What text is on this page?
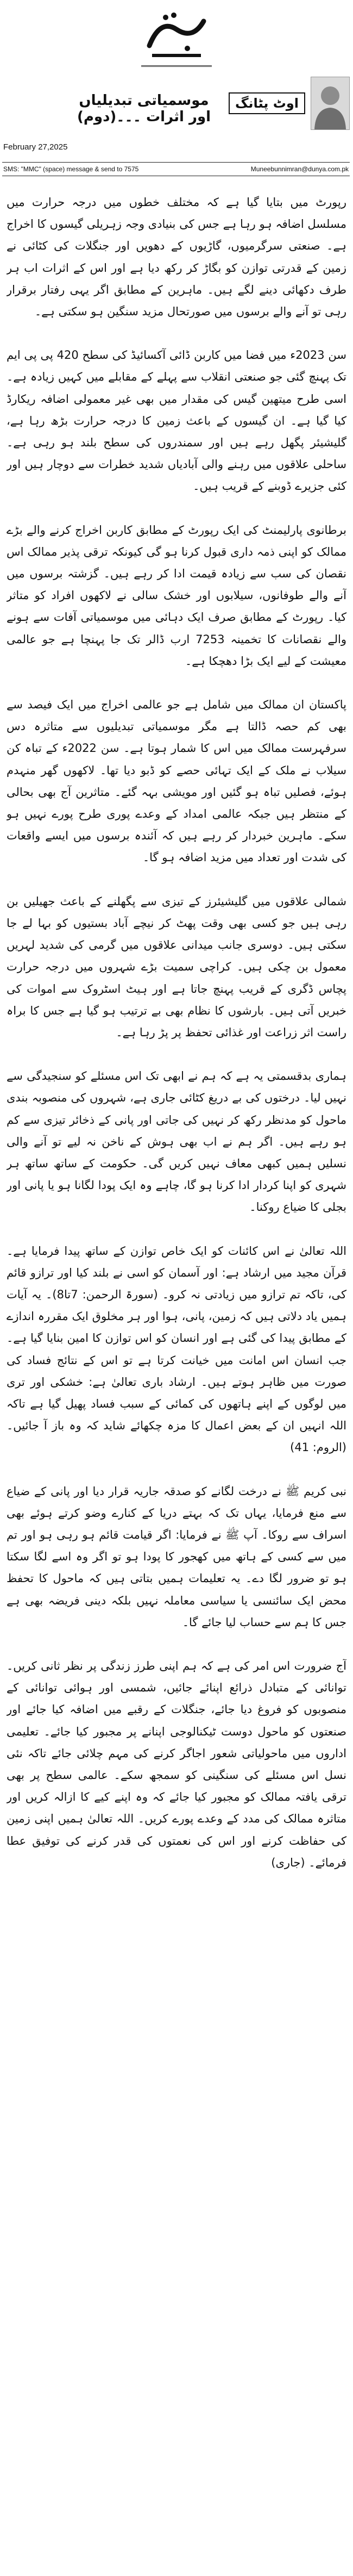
اوٹ پٹانگ
موسمیاتی تبدیلیاں اور اثرات ۔۔۔(دوم)
February 27,2025
SMS: "MMC" (space) message & send to 7575	Muneebunnimran@dunya.com.pk

رپورٹ میں بتایا گیا ہے کہ مختلف خطوں میں درجہ حرارت میں مسلسل اضافہ ہو رہا ہے جس کی بنیادی وجہ زہریلی گیسوں کا اخراج ہے۔ صنعتی سرگرمیوں، گاڑیوں کے دھویں اور جنگلات کی کٹائی نے زمین کے قدرتی توازن کو بگاڑ کر رکھ دیا ہے اور اس کے اثرات اب ہر طرف دکھائی دینے لگے ہیں۔ ماہرین کے مطابق اگر یہی رفتار برقرار رہی تو آنے والے برسوں میں صورتحال مزید سنگین ہو سکتی ہے۔

سن 2023ء میں فضا میں کاربن ڈائی آکسائیڈ کی سطح 420 پی پی ایم تک پہنچ گئی جو صنعتی انقلاب سے پہلے کے مقابلے میں کہیں زیادہ ہے۔ اسی طرح میتھین گیس کی مقدار میں بھی غیر معمولی اضافہ ریکارڈ کیا گیا ہے۔ ان گیسوں کے باعث زمین کا درجہ حرارت بڑھ رہا ہے، گلیشیئر پگھل رہے ہیں اور سمندروں کی سطح بلند ہو رہی ہے۔ ساحلی علاقوں میں رہنے والی آبادیاں شدید خطرات سے دوچار ہیں اور کئی جزیرے ڈوبنے کے قریب ہیں۔

برطانوی پارلیمنٹ کی ایک رپورٹ کے مطابق کاربن اخراج کرنے والے بڑے ممالک کو اپنی ذمہ داری قبول کرنا ہو گی کیونکہ ترقی پذیر ممالک اس نقصان کی سب سے زیادہ قیمت ادا کر رہے ہیں۔ گزشتہ برسوں میں آنے والے طوفانوں، سیلابوں اور خشک سالی نے لاکھوں افراد کو متاثر کیا۔ رپورٹ کے مطابق صرف ایک دہائی میں موسمیاتی آفات سے ہونے والے نقصانات کا تخمینہ 7253 ارب ڈالر تک جا پہنچا ہے جو عالمی معیشت کے لیے ایک بڑا دھچکا ہے۔

پاکستان ان ممالک میں شامل ہے جو عالمی اخراج میں ایک فیصد سے بھی کم حصہ ڈالتا ہے مگر موسمیاتی تبدیلیوں سے متاثرہ دس سرفہرست ممالک میں اس کا شمار ہوتا ہے۔ سن 2022ء کے تباہ کن سیلاب نے ملک کے ایک تہائی حصے کو ڈبو دیا تھا۔ لاکھوں گھر منہدم ہوئے، فصلیں تباہ ہو گئیں اور مویشی بہہ گئے۔ متاثرین آج بھی بحالی کے منتظر ہیں جبکہ عالمی امداد کے وعدے پوری طرح پورے نہیں ہو سکے۔ ماہرین خبردار کر رہے ہیں کہ آئندہ برسوں میں ایسے واقعات کی شدت اور تعداد میں مزید اضافہ ہو گا۔

شمالی علاقوں میں گلیشیئرز کے تیزی سے پگھلنے کے باعث جھیلیں بن رہی ہیں جو کسی بھی وقت پھٹ کر نیچے آباد بستیوں کو بہا لے جا سکتی ہیں۔ دوسری جانب میدانی علاقوں میں گرمی کی شدید لہریں معمول بن چکی ہیں۔ کراچی سمیت بڑے شہروں میں درجہ حرارت پچاس ڈگری کے قریب پہنچ جاتا ہے اور ہیٹ اسٹروک سے اموات کی خبریں آتی ہیں۔ بارشوں کا نظام بھی بے ترتیب ہو گیا ہے جس کا براہ راست اثر زراعت اور غذائی تحفظ پر پڑ رہا ہے۔

ہماری بدقسمتی یہ ہے کہ ہم نے ابھی تک اس مسئلے کو سنجیدگی سے نہیں لیا۔ درختوں کی بے دریغ کٹائی جاری ہے، شہروں کی منصوبہ بندی ماحول کو مدنظر رکھ کر نہیں کی جاتی اور پانی کے ذخائر تیزی سے کم ہو رہے ہیں۔ اگر ہم نے اب بھی ہوش کے ناخن نہ لیے تو آنے والی نسلیں ہمیں کبھی معاف نہیں کریں گی۔ حکومت کے ساتھ ساتھ ہر شہری کو اپنا کردار ادا کرنا ہو گا، چاہے وہ ایک پودا لگانا ہو یا پانی اور بجلی کا ضیاع روکنا۔

اللہ تعالیٰ نے اس کائنات کو ایک خاص توازن کے ساتھ پیدا فرمایا ہے۔ قرآن مجید میں ارشاد ہے: اور آسمان کو اسی نے بلند کیا اور ترازو قائم کی، تاکہ تم ترازو میں زیادتی نہ کرو۔ (سورۃ الرحمن: 7تا8)۔ یہ آیات ہمیں یاد دلاتی ہیں کہ زمین، پانی، ہوا اور ہر مخلوق ایک مقررہ اندازے کے مطابق پیدا کی گئی ہے اور انسان کو اس توازن کا امین بنایا گیا ہے۔ جب انسان اس امانت میں خیانت کرتا ہے تو اس کے نتائج فساد کی صورت میں ظاہر ہوتے ہیں۔ ارشاد باری تعالیٰ ہے: خشکی اور تری میں لوگوں کے اپنے ہاتھوں کی کمائی کے سبب فساد پھیل گیا ہے تاکہ اللہ انہیں ان کے بعض اعمال کا مزہ چکھائے شاید کہ وہ باز آ جائیں۔ (الروم: 41)

نبی کریم ﷺ نے درخت لگانے کو صدقہ جاریہ قرار دیا اور پانی کے ضیاع سے منع فرمایا، یہاں تک کہ بہتے دریا کے کنارے وضو کرتے ہوئے بھی اسراف سے روکا۔ آپ ﷺ نے فرمایا: اگر قیامت قائم ہو رہی ہو اور تم میں سے کسی کے ہاتھ میں کھجور کا پودا ہو تو اگر وہ اسے لگا سکتا ہو تو ضرور لگا دے۔ یہ تعلیمات ہمیں بتاتی ہیں کہ ماحول کا تحفظ محض ایک سائنسی یا سیاسی معاملہ نہیں بلکہ دینی فریضہ بھی ہے جس کا ہم سے حساب لیا جائے گا۔

آج ضرورت اس امر کی ہے کہ ہم اپنی طرز زندگی پر نظر ثانی کریں۔ توانائی کے متبادل ذرائع اپنائے جائیں، شمسی اور ہوائی توانائی کے منصوبوں کو فروغ دیا جائے، جنگلات کے رقبے میں اضافہ کیا جائے اور صنعتوں کو ماحول دوست ٹیکنالوجی اپنانے پر مجبور کیا جائے۔ تعلیمی اداروں میں ماحولیاتی شعور اجاگر کرنے کی مہم چلائی جائے تاکہ نئی نسل اس مسئلے کی سنگینی کو سمجھ سکے۔ عالمی سطح پر بھی ترقی یافتہ ممالک کو مجبور کیا جائے کہ وہ اپنے کیے کا ازالہ کریں اور متاثرہ ممالک کی مدد کے وعدے پورے کریں۔ اللہ تعالیٰ ہمیں اپنی زمین کی حفاظت کرنے اور اس کی نعمتوں کی قدر کرنے کی توفیق عطا فرمائے۔ (جاری)
